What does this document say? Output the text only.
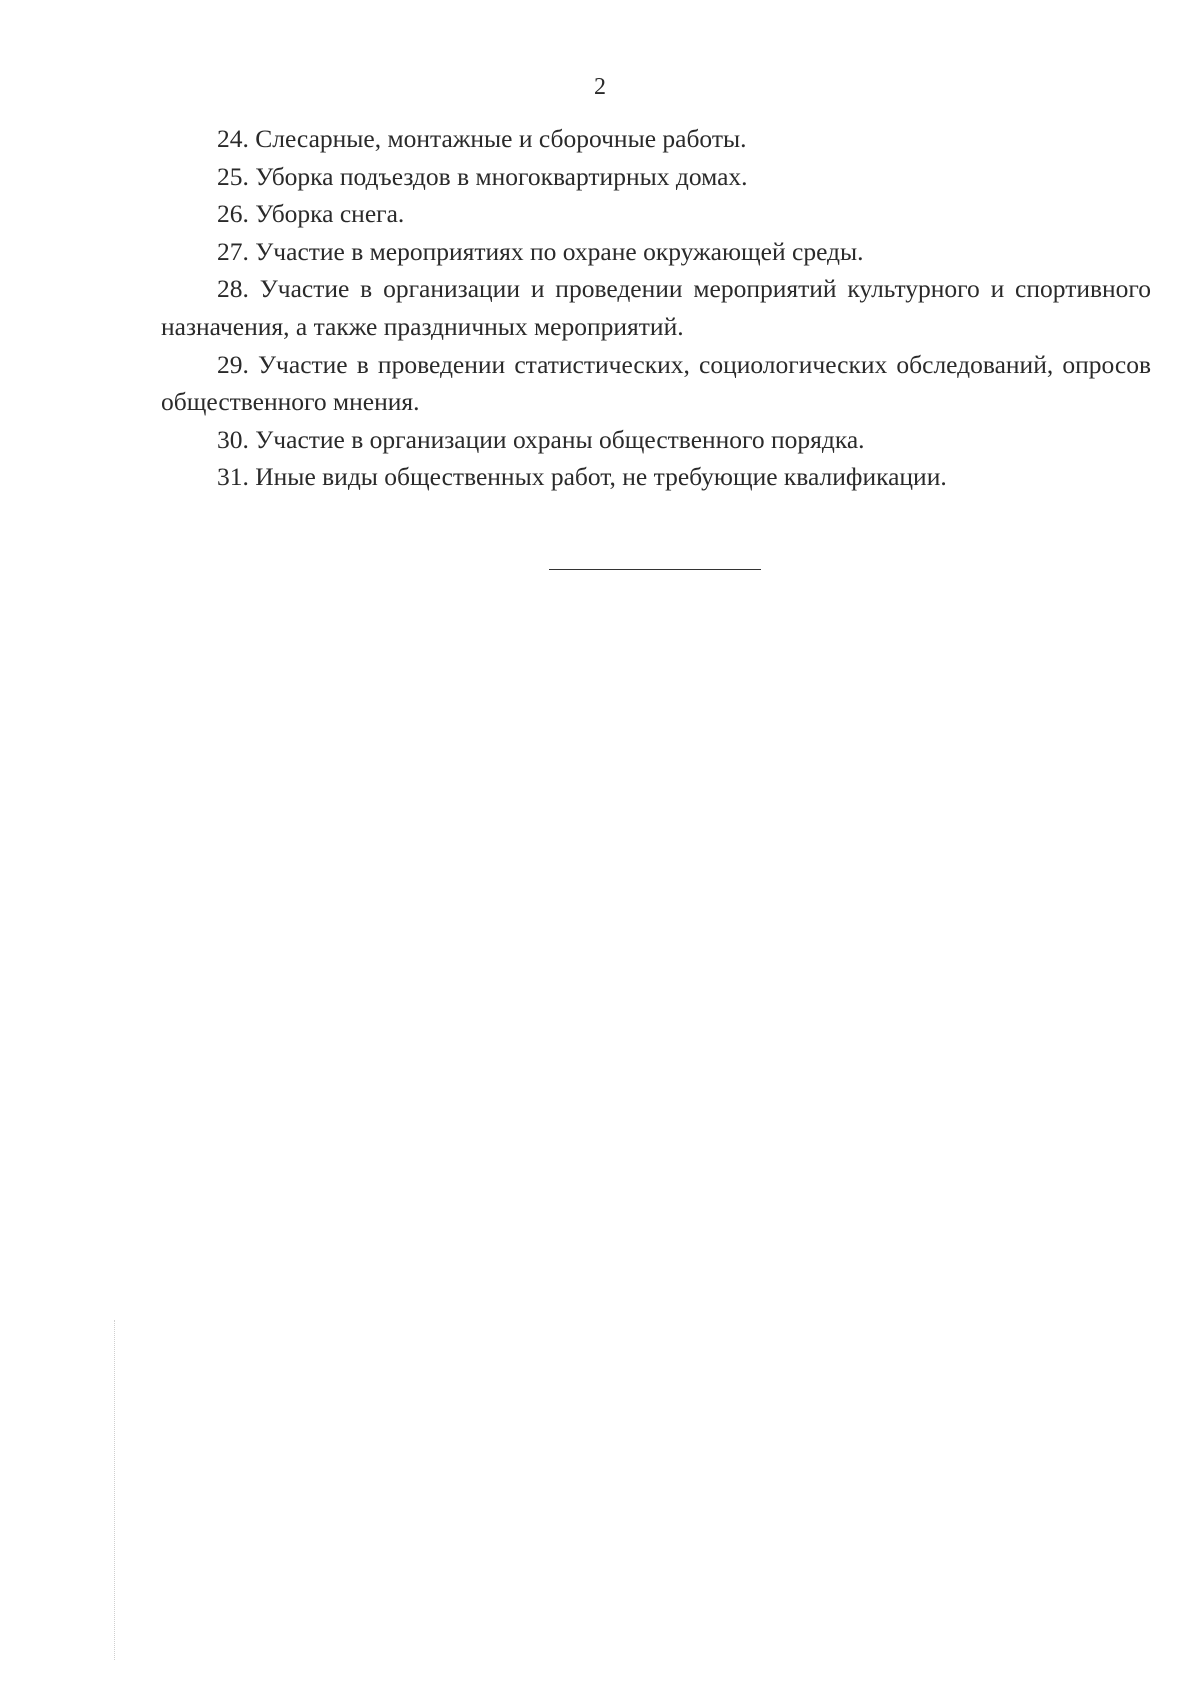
2

24. Слесарные, монтажные и сборочные работы.

25. Уборка подъездов в многоквартирных домах.

26. Уборка снега.

27. Участие в мероприятиях по охране окружающей среды.

28. Участие в организации и проведении мероприятий культурного и спортивного назначения, а также праздничных мероприятий.

29. Участие в проведении статистических, социологических обследований, опросов общественного мнения.

30. Участие в организации охраны общественного порядка.

31. Иные виды общественных работ, не требующие квалификации.
